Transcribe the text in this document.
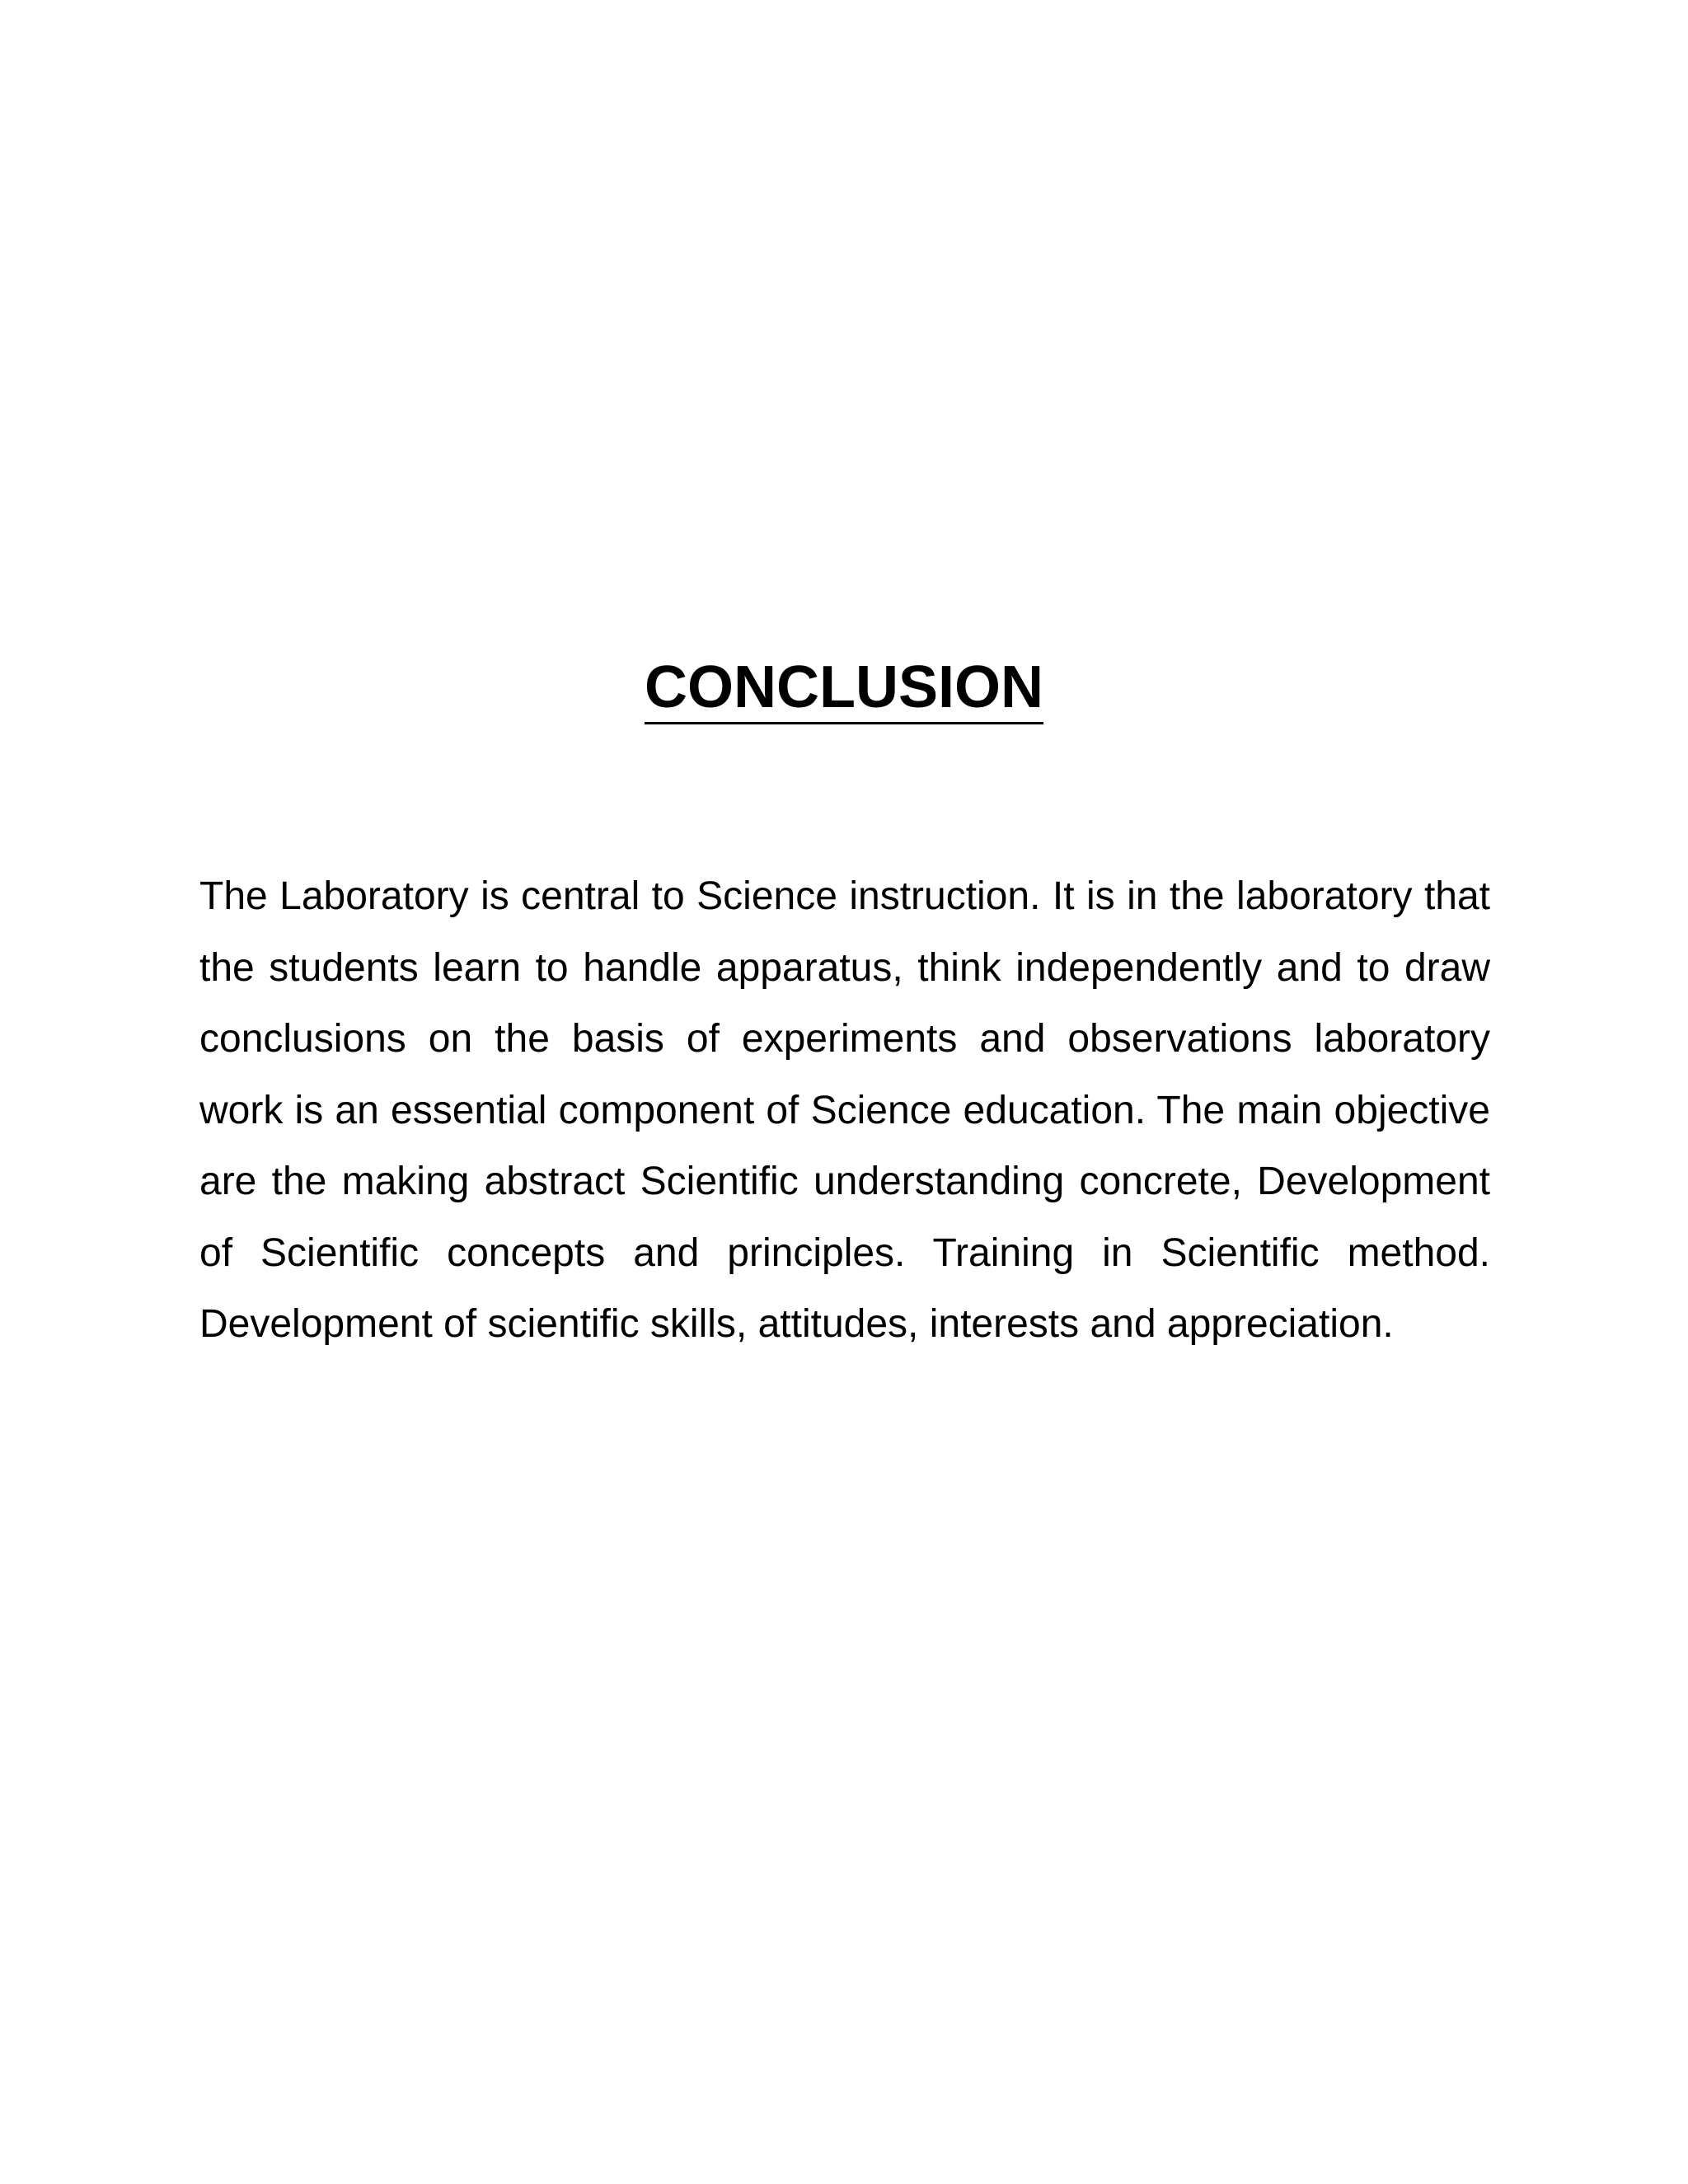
CONCLUSION

The Laboratory is central to Science instruction. It is in the laboratory that the students learn to handle apparatus, think independently and to draw conclusions on the basis of experiments and observations laboratory work is an essential component of Science education. The main objective are the making abstract Scientific understanding concrete, Development of Scientific concepts and principles. Training in Scientific method. Development of scientific skills, attitudes, interests and appreciation.
